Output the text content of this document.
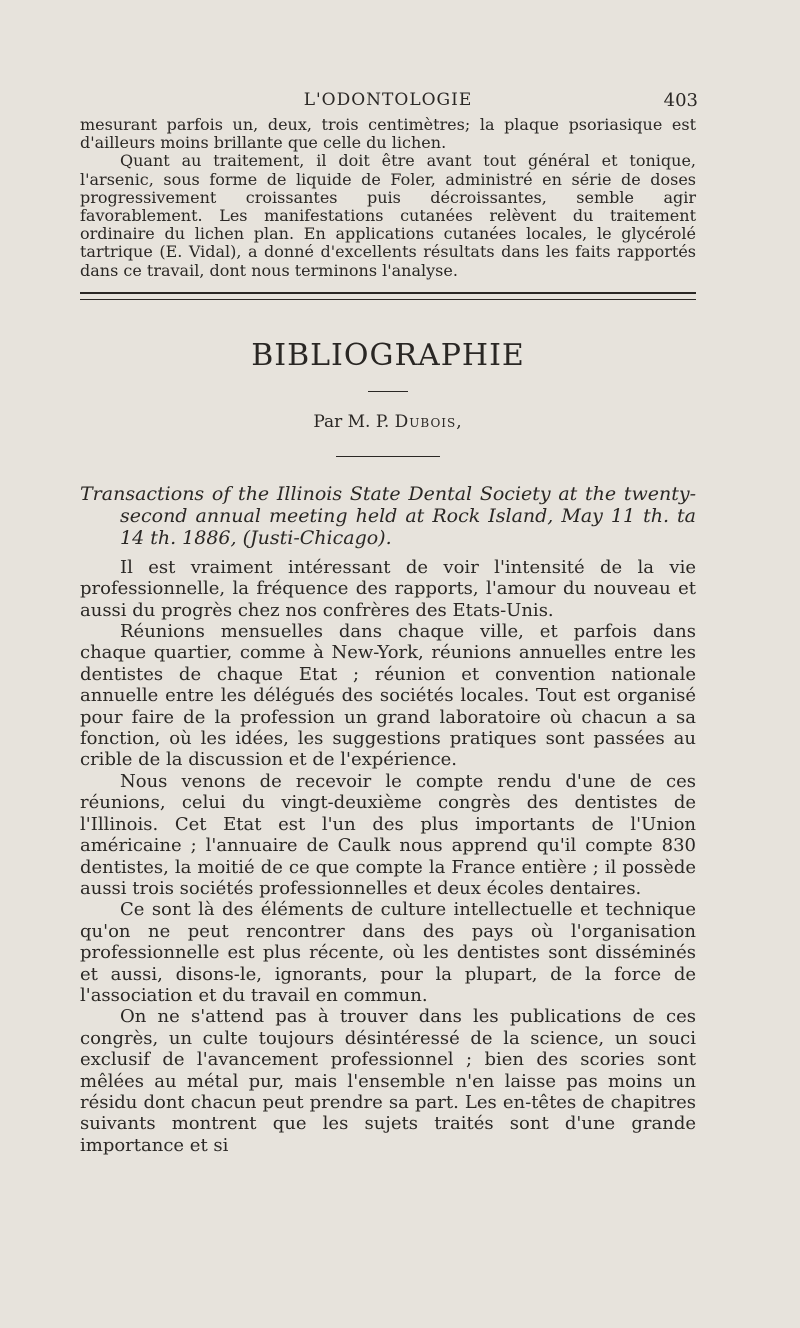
L'ODONTOLOGIE	403

mesurant parfois un, deux, trois centimètres; la plaque psoriasique est d'ailleurs moins brillante que celle du lichen.

Quant au traitement, il doit être avant tout général et tonique, l'arsenic, sous forme de liquide de Foler, administré en série de doses progressivement croissantes puis décroissantes, semble agir favorablement. Les manifestations cutanées relèvent du traitement ordinaire du lichen plan. En applications cutanées locales, le glycérolé tartrique (E. Vidal), a donné d'excellents résultats dans les faits rapportés dans ce travail, dont nous terminons l'analyse.

BIBLIOGRAPHIE

Par M. P. Dubois,

Transactions of the Illinois State Dental Society at the twenty-second annual meeting held at Rock Island, May 11 th. ta 14 th. 1886, (Justi-Chicago).

Il est vraiment intéressant de voir l'intensité de la vie professionnelle, la fréquence des rapports, l'amour du nouveau et aussi du progrès chez nos confrères des Etats-Unis.

Réunions mensuelles dans chaque ville, et parfois dans chaque quartier, comme à New-York, réunions annuelles entre les dentistes de chaque Etat ; réunion et convention nationale annuelle entre les délégués des sociétés locales. Tout est organisé pour faire de la profession un grand laboratoire où chacun a sa fonction, où les idées, les suggestions pratiques sont passées au crible de la discussion et de l'expérience.

Nous venons de recevoir le compte rendu d'une de ces réunions, celui du vingt-deuxième congrès des dentistes de l'Illinois. Cet Etat est l'un des plus importants de l'Union américaine ; l'annuaire de Caulk nous apprend qu'il compte 830 dentistes, la moitié de ce que compte la France entière ; il possède aussi trois sociétés professionnelles et deux écoles dentaires.

Ce sont là des éléments de culture intellectuelle et technique qu'on ne peut rencontrer dans des pays où l'organisation professionnelle est plus récente, où les dentistes sont disséminés et aussi, disons-le, ignorants, pour la plupart, de la force de l'association et du travail en commun.

On ne s'attend pas à trouver dans les publications de ces congrès, un culte toujours désintéressé de la science, un souci exclusif de l'avancement professionnel ; bien des scories sont mêlées au métal pur, mais l'ensemble n'en laisse pas moins un résidu dont chacun peut prendre sa part. Les en-têtes de chapitres suivants montrent que les sujets traités sont d'une grande importance et si
